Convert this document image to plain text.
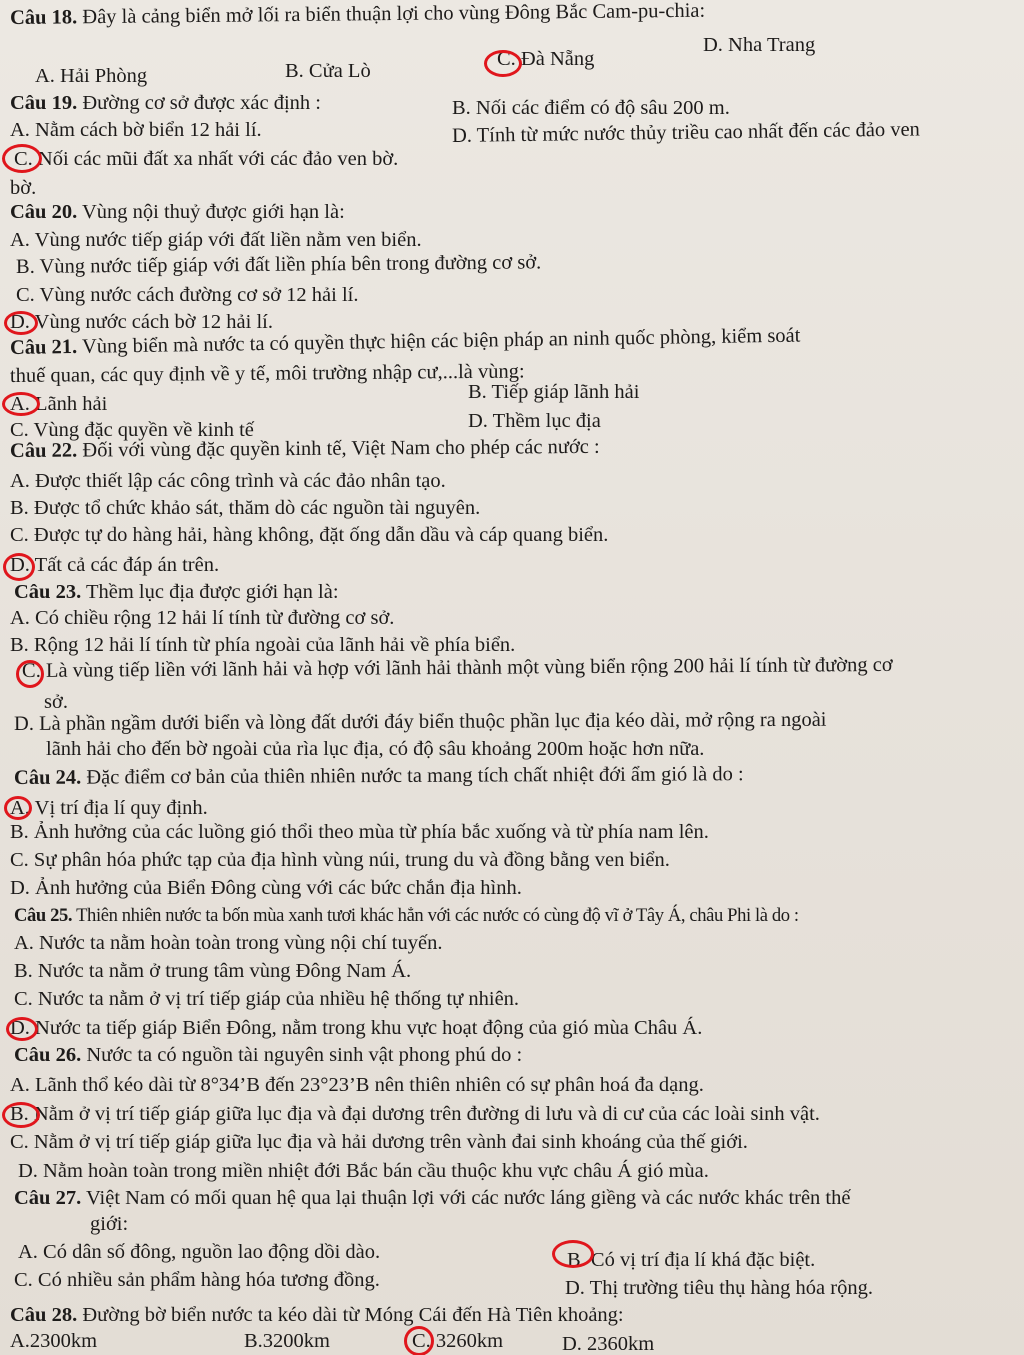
Câu 18. Đây là cảng biển mở lối ra biển thuận lợi cho vùng Đông Bắc Cam-pu-chia:
A. Hải Phòng	B. Cửa Lò
C. Đà Nẵng
D. Nha Trang
Câu 19. Đường cơ sở được xác định :
A. Nằm cách bờ biển 12 hải lí.
B. Nối các điểm có độ sâu 200 m.
C. Nối các mũi đất xa nhất với các đảo ven bờ.
D. Tính từ mức nước thủy triều cao nhất đến các đảo ven
bờ.
Câu 20. Vùng nội thuỷ được giới hạn là:
A. Vùng nước tiếp giáp với đất liền nằm ven biển.
B. Vùng nước tiếp giáp với đất liền phía bên trong đường cơ sở.
C. Vùng nước cách đường cơ sở 12 hải lí.
D. Vùng nước cách bờ 12 hải lí.
Câu 21. Vùng biển mà nước ta có quyền thực hiện các biện pháp an ninh quốc phòng, kiểm soát
thuế quan, các quy định về y tế, môi trường nhập cư,...là vùng:
A. Lãnh hải
B. Tiếp giáp lãnh hải
C. Vùng đặc quyền về kinh tế	D. Thềm lục địa
Câu 22. Đối với vùng đặc quyền kinh tế, Việt Nam cho phép các nước :
A. Được thiết lập các công trình và các đảo nhân tạo.
B. Được tổ chức khảo sát, thăm dò các nguồn tài nguyên.
C. Được tự do hàng hải, hàng không, đặt ống dẫn dầu và cáp quang biển.
D. Tất cả các đáp án trên.
Câu 23. Thềm lục địa được giới hạn là:
A. Có chiều rộng 12 hải lí tính từ đường cơ sở.
B. Rộng 12 hải lí tính từ phía ngoài của lãnh hải về phía biển.
C. Là vùng tiếp liền với lãnh hải và hợp với lãnh hải thành một vùng biển rộng 200 hải lí tính từ đường cơ
sở.
D. Là phần ngầm dưới biển và lòng đất dưới đáy biển thuộc phần lục địa kéo dài, mở rộng ra ngoài
lãnh hải cho đến bờ ngoài của rìa lục địa, có độ sâu khoảng 200m hoặc hơn nữa.
Câu 24. Đặc điểm cơ bản của thiên nhiên nước ta mang tích chất nhiệt đới ẩm gió là do :
A. Vị trí địa lí quy định.
B. Ảnh hưởng của các luồng gió thổi theo mùa từ phía bắc xuống và từ phía nam lên.
C. Sự phân hóa phức tạp của địa hình vùng núi, trung du và đồng bằng ven biển.
D. Ảnh hưởng của Biển Đông cùng với các bức chắn địa hình.
Câu 25. Thiên nhiên nước ta bốn mùa xanh tươi khác hẳn với các nước có cùng độ vĩ ở Tây Á, châu Phi là do :
A. Nước ta nằm hoàn toàn trong vùng nội chí tuyến.
B. Nước ta nằm ở trung tâm vùng Đông Nam Á.
C. Nước ta nằm ở vị trí tiếp giáp của nhiều hệ thống tự nhiên.
D. Nước ta tiếp giáp Biển Đông, nằm trong khu vực hoạt động của gió mùa Châu Á.
Câu 26. Nước ta có nguồn tài nguyên sinh vật phong phú do :
A. Lãnh thổ kéo dài từ 8°34’B đến 23°23’B nên thiên nhiên có sự phân hoá đa dạng.
B. Nằm ở vị trí tiếp giáp giữa lục địa và đại dương trên đường di lưu và di cư của các loài sinh vật.
C. Nằm ở vị trí tiếp giáp giữa lục địa và hải dương trên vành đai sinh khoáng của thế giới.
D. Nằm hoàn toàn trong miền nhiệt đới Bắc bán cầu thuộc khu vực châu Á gió mùa.
Câu 27. Việt Nam có mối quan hệ qua lại thuận lợi với các nước láng giềng và các nước khác trên thế
giới:
A. Có dân số đông, nguồn lao động dồi dào.	B. Có vị trí địa lí khá đặc biệt.
C. Có nhiều sản phẩm hàng hóa tương đồng.	D. Thị trường tiêu thụ hàng hóa rộng.
Câu 28. Đường bờ biển nước ta kéo dài từ Móng Cái đến Hà Tiên khoảng:
A.2300km	B.3200km	C. 3260km	D. 2360km
